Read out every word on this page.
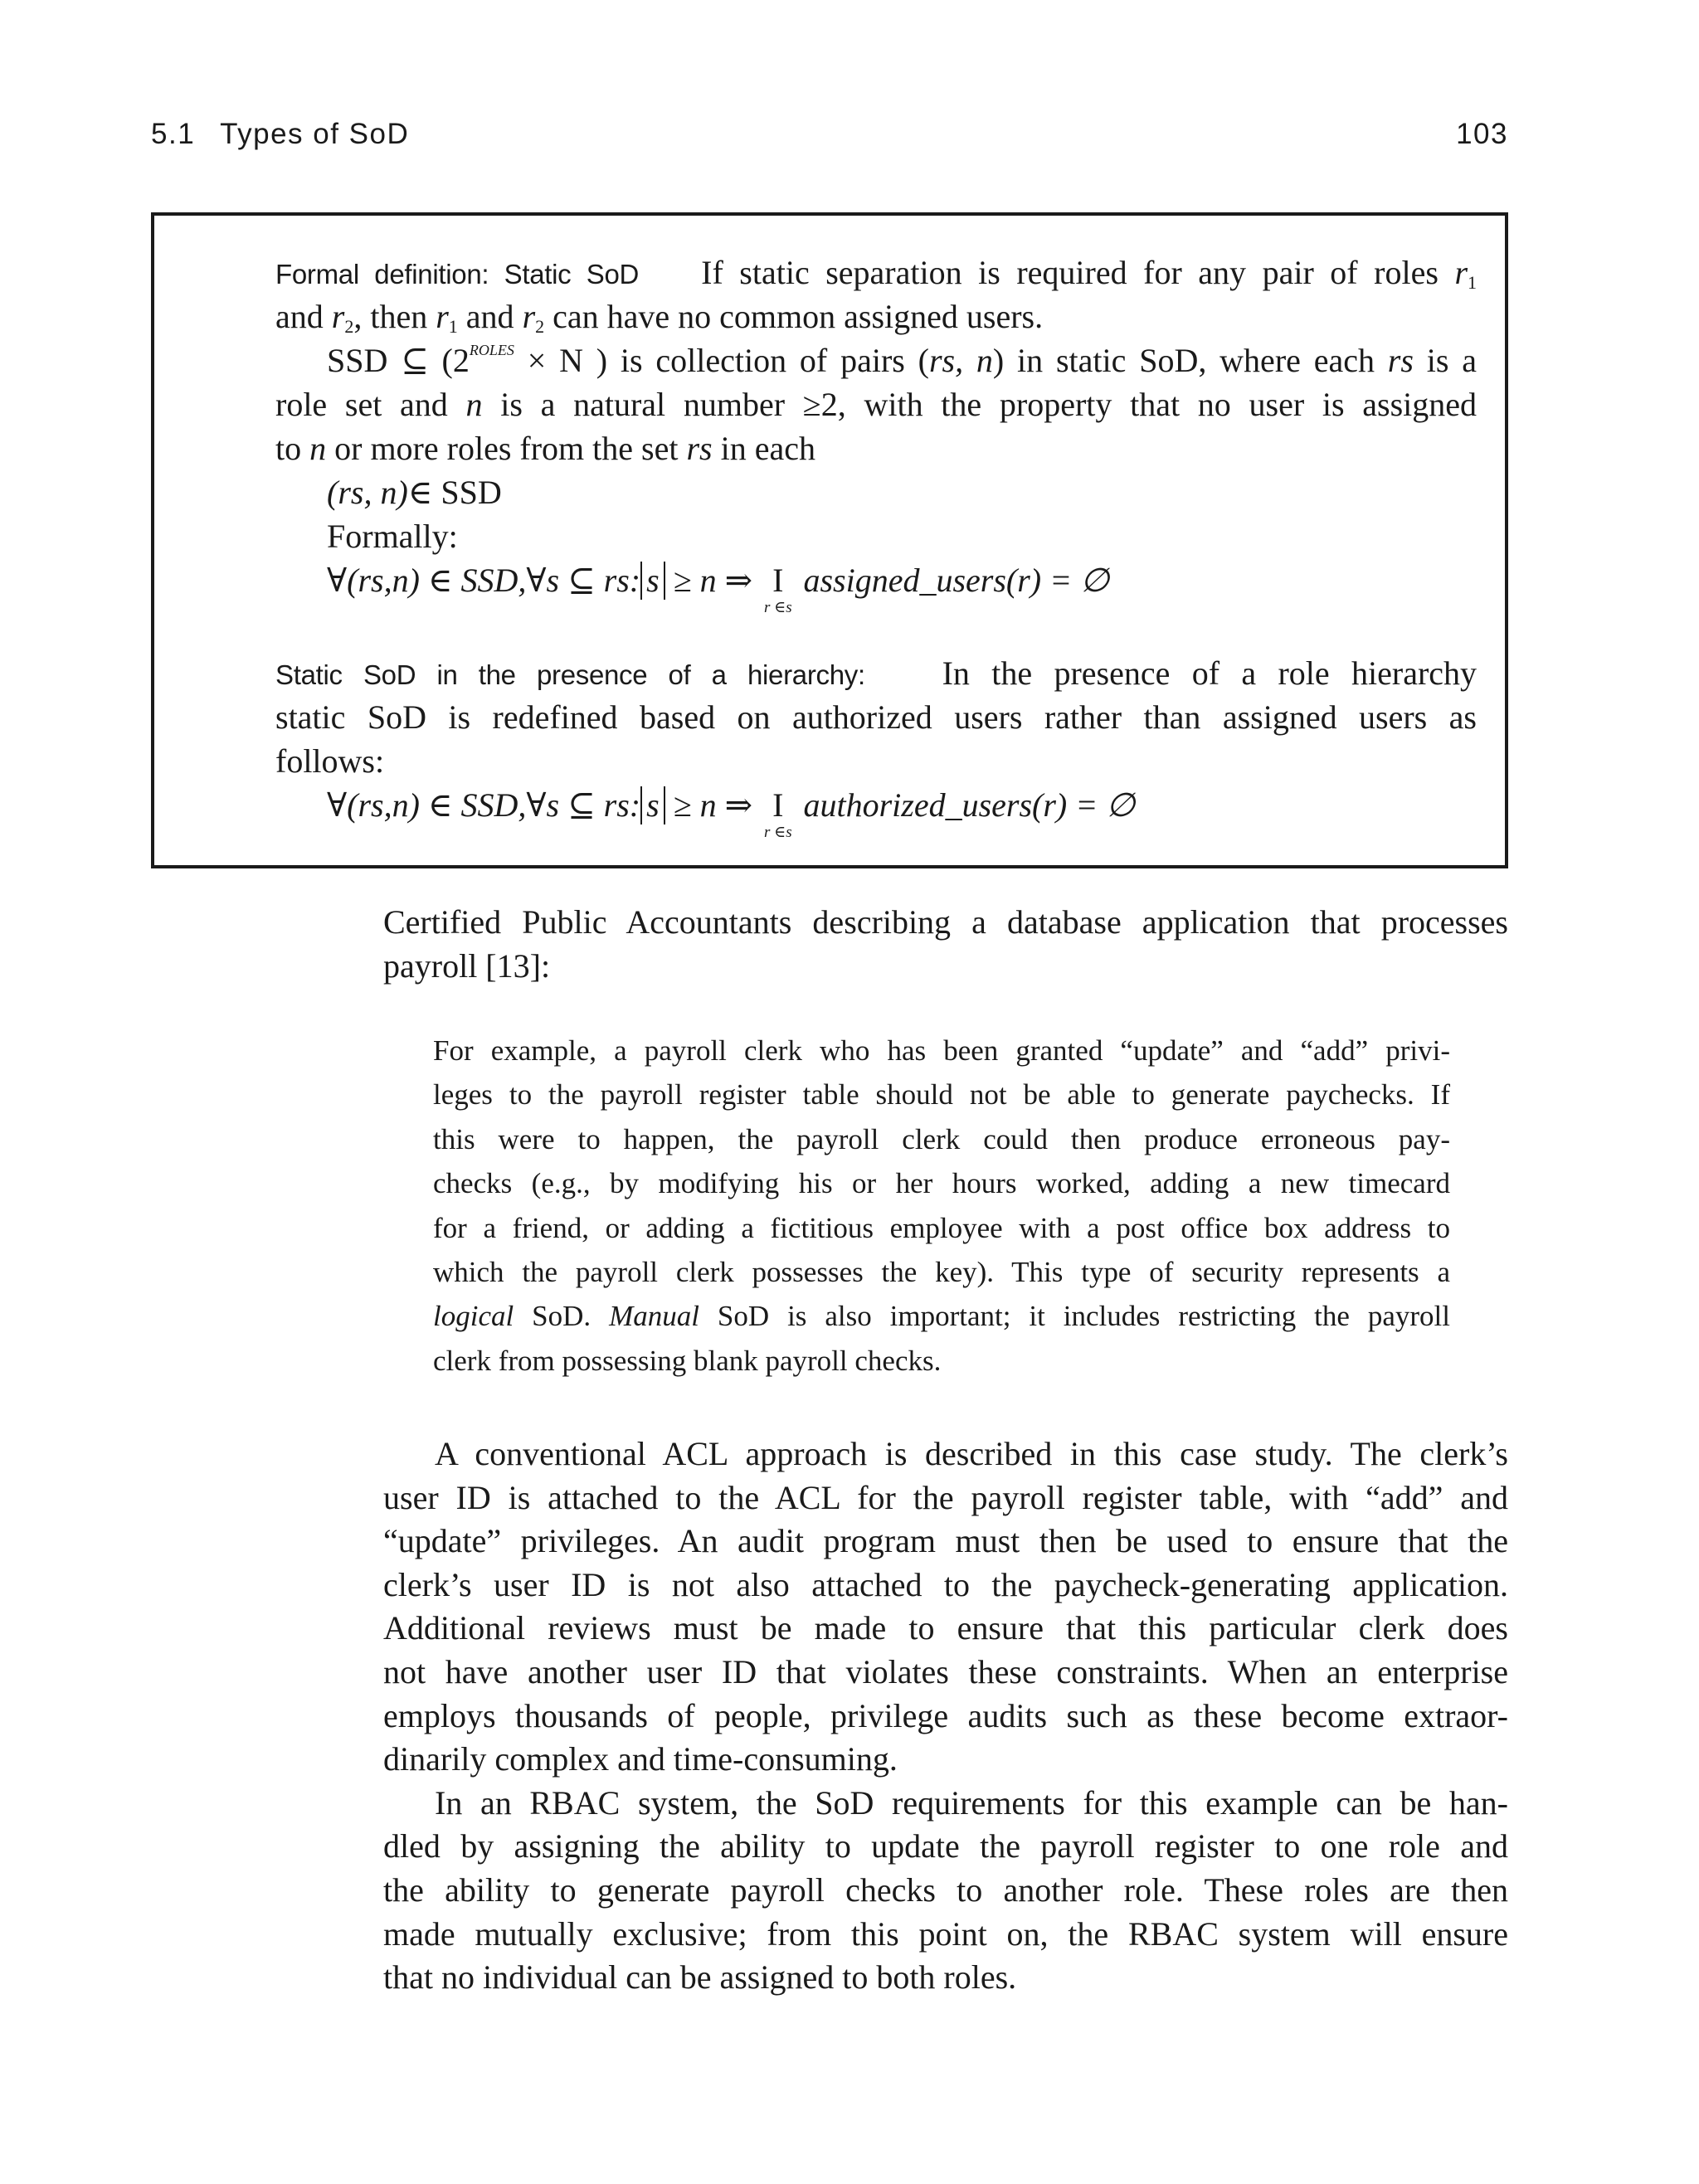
5.1 Types of SoD	103
Formal definition: Static SoD If static separation is required for any pair of roles $r_1$
and $r_2$, then $r_1$ and $r_2$ can have no common assigned users.
SSD ⊆ ($2^{ROLES} \times N$ ) is collection of pairs (rs, n) in static SoD, where each rs is a
role set and n is a natural number ≥2, with the property that no user is assigned
to n or more roles from the set rs in each
(rs, n)∈ SSD
Formally:
∀(rs,n) ∈ SSD,∀s ⊆ rs: s ≥ n ⇒ I
r ∈s
assigned_users(r) = ∅
Static SoD in the presence of a hierarchy: In the presence of a role hierarchy
static SoD is redefined based on authorized users rather than assigned users as
follows:
∀(rs,n) ∈ SSD,∀s ⊆ rs: s ≥ n ⇒ I
r ∈s
authorized_users(r) = ∅
Certified Public Accountants describing a database application that processes
payroll [13]:
For example, a payroll clerk who has been granted “update” and “add” privi-
leges to the payroll register table should not be able to generate paychecks. If
this were to happen, the payroll clerk could then produce erroneous pay-
checks (e.g., by modifying his or her hours worked, adding a new timecard
for a friend, or adding a fictitious employee with a post office box address to
which the payroll clerk possesses the key). This type of security represents a
logical SoD. Manual SoD is also important; it includes restricting the payroll
clerk from possessing blank payroll checks.
A conventional ACL approach is described in this case study. The clerk’s
user ID is attached to the ACL for the payroll register table, with “add” and
“update” privileges. An audit program must then be used to ensure that the
clerk’s user ID is not also attached to the paycheck-generating application.
Additional reviews must be made to ensure that this particular clerk does
not have another user ID that violates these constraints. When an enterprise
employs thousands of people, privilege audits such as these become extraor-
dinarily complex and time-consuming.
In an RBAC system, the SoD requirements for this example can be han-
dled by assigning the ability to update the payroll register to one role and
the ability to generate payroll checks to another role. These roles are then
made mutually exclusive; from this point on, the RBAC system will ensure
that no individual can be assigned to both roles.
